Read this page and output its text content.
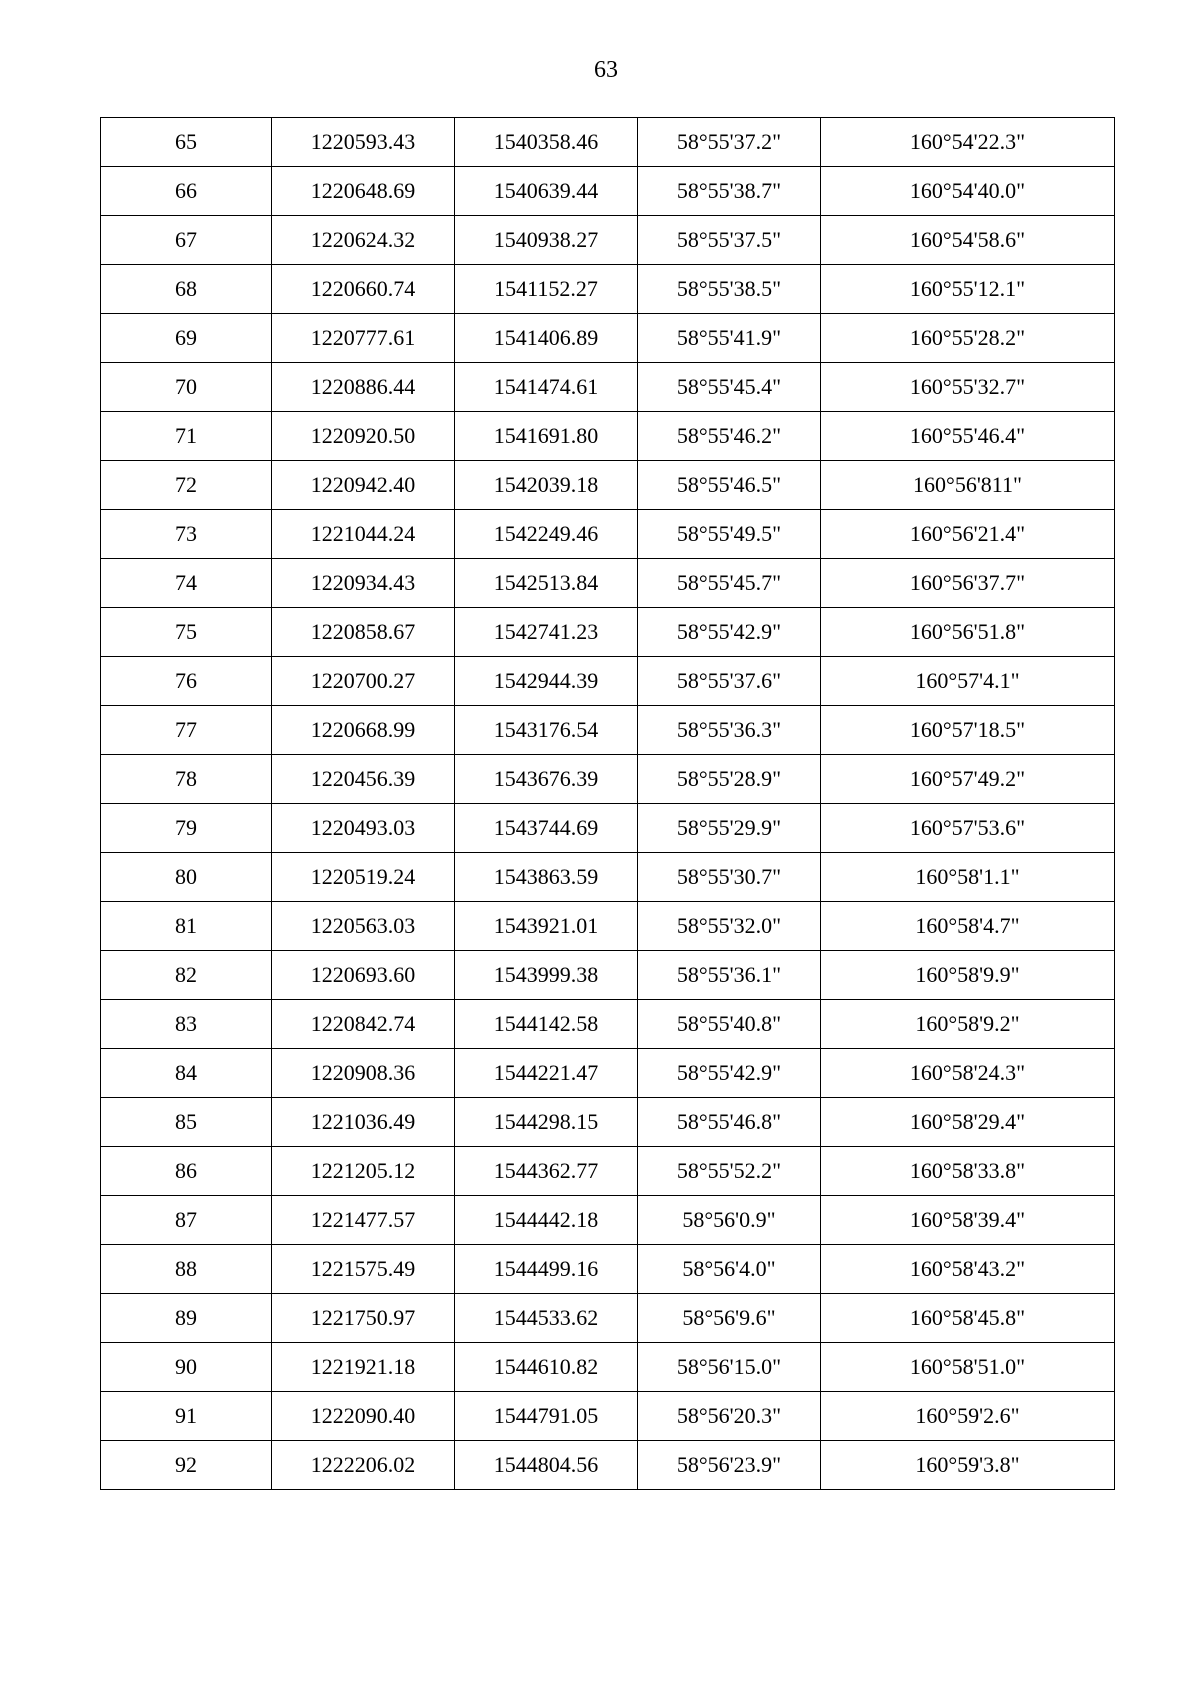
63
65	1220593.43	1540358.46	58°55'37.2"	160°54'22.3"
66	1220648.69	1540639.44	58°55'38.7"	160°54'40.0"
67	1220624.32	1540938.27	58°55'37.5"	160°54'58.6"
68	1220660.74	1541152.27	58°55'38.5"	160°55'12.1"
69	1220777.61	1541406.89	58°55'41.9"	160°55'28.2"
70	1220886.44	1541474.61	58°55'45.4"	160°55'32.7"
71	1220920.50	1541691.80	58°55'46.2"	160°55'46.4"
72	1220942.40	1542039.18	58°55'46.5"	160°56'811"
73	1221044.24	1542249.46	58°55'49.5"	160°56'21.4"
74	1220934.43	1542513.84	58°55'45.7"	160°56'37.7"
75	1220858.67	1542741.23	58°55'42.9"	160°56'51.8"
76	1220700.27	1542944.39	58°55'37.6"	160°57'4.1"
77	1220668.99	1543176.54	58°55'36.3"	160°57'18.5"
78	1220456.39	1543676.39	58°55'28.9"	160°57'49.2"
79	1220493.03	1543744.69	58°55'29.9"	160°57'53.6"
80	1220519.24	1543863.59	58°55'30.7"	160°58'1.1"
81	1220563.03	1543921.01	58°55'32.0"	160°58'4.7"
82	1220693.60	1543999.38	58°55'36.1"	160°58'9.9"
83	1220842.74	1544142.58	58°55'40.8"	160°58'9.2"
84	1220908.36	1544221.47	58°55'42.9"	160°58'24.3"
85	1221036.49	1544298.15	58°55'46.8"	160°58'29.4"
86	1221205.12	1544362.77	58°55'52.2"	160°58'33.8"
87	1221477.57	1544442.18	58°56'0.9"	160°58'39.4"
88	1221575.49	1544499.16	58°56'4.0"	160°58'43.2"
89	1221750.97	1544533.62	58°56'9.6"	160°58'45.8"
90	1221921.18	1544610.82	58°56'15.0"	160°58'51.0"
91	1222090.40	1544791.05	58°56'20.3"	160°59'2.6"
92	1222206.02	1544804.56	58°56'23.9"	160°59'3.8"
